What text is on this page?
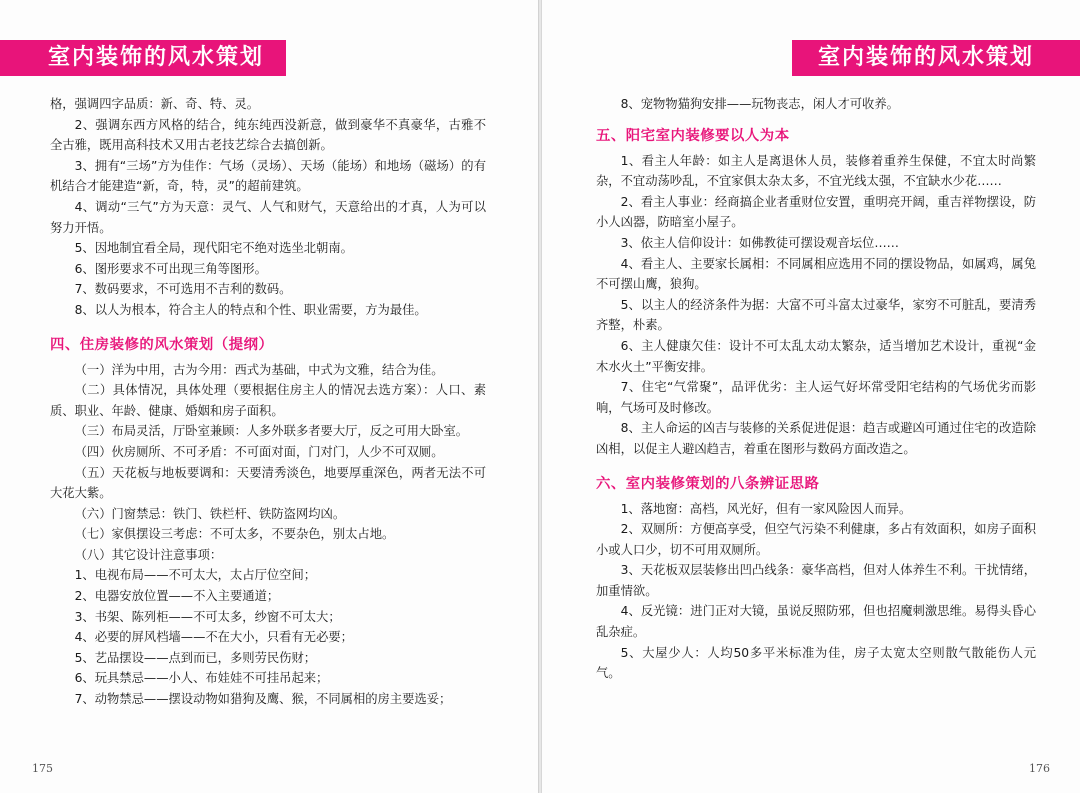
室内装饰的风水策划

格，强调四字品质：新、奇、特、灵。

2、强调东西方风格的结合，纯东纯西没新意，做到豪华不真豪华，古雅不全古雅，既用高科技术又用古老技艺综合去搞创新。

3、拥有“三场”方为佳作：气场（灵场）、天场（能场）和地场（磁场）的有机结合才能建造“新，奇，特，灵”的超前建筑。

4、调动“三气”方为天意：灵气、人气和财气，天意给出的才真，人为可以努力开悟。

5、因地制宜看全局，现代阳宅不绝对选坐北朝南。

6、图形要求不可出现三角等图形。

7、数码要求，不可选用不吉利的数码。

8、以人为根本，符合主人的特点和个性、职业需要，方为最佳。

四、住房装修的风水策划（提纲）

（一）洋为中用，古为今用：西式为基础，中式为文雅，结合为佳。

（二）具体情况，具体处理（要根据住房主人的情况去选方案）：人口、素质、职业、年龄、健康、婚姻和房子面积。

（三）布局灵活，厅卧室兼顾：人多外联多者要大厅，反之可用大卧室。

（四）伙房厕所、不可矛盾：不可面对面，门对门，人少不可双厕。

（五）天花板与地板要调和：天要清秀淡色，地要厚重深色，两者无法不可大花大紫。

（六）门窗禁忌：铁门、铁栏杆、铁防盗网均凶。

（七）家俱摆设三考虑：不可太多，不要杂色，别太占地。

（八）其它设计注意事项：

1、电视布局——不可太大，太占厅位空间；

2、电器安放位置——不入主要通道；

3、书架、陈列柜——不可太多，纱窗不可太大；

4、必要的屏风档墙——不在大小，只看有无必要；

5、艺品摆设——点到而已，多则劳民伤财；

6、玩具禁忌——小人、布娃娃不可挂吊起来；

7、动物禁忌——摆设动物如猎狗及鹰、猴，不同属相的房主要选妥；

175
室内装饰的风水策划

8、宠物物猫狗安排——玩物丧志，闲人才可收养。

五、阳宅室内装修要以人为本

1、看主人年龄：如主人是离退休人员，装修着重养生保健，不宜太时尚繁杂，不宜动荡吵乱，不宜家俱太杂太多，不宜光线太强，不宜缺水少花……

2、看主人事业：经商搞企业者重财位安置，重明亮开阔，重吉祥物摆设，防小人凶器，防暗室小屋子。

3、依主人信仰设计：如佛教徒可摆设观音坛位……

4、看主人、主要家长属相：不同属相应选用不同的摆设物品，如属鸡，属兔不可摆山鹰，狼狗。

5、以主人的经济条件为据：大富不可斗富太过豪华，家穷不可脏乱，要清秀齐整，朴素。

6、主人健康欠佳：设计不可太乱太动太繁杂，适当增加艺术设计，重视“金木水火土”平衡安排。

7、住宅“气常聚”，品评优劣：主人运气好坏常受阳宅结构的气场优劣而影响，气场可及时修改。

8、主人命运的凶吉与装修的关系促进促退：趋吉或避凶可通过住宅的改造除凶相，以促主人避凶趋吉，着重在图形与数码方面改造之。

六、室内装修策划的八条辨证思路

1、落地窗：高档，风光好，但有一家风险因人而异。

2、双厕所：方便高享受，但空气污染不利健康，多占有效面积，如房子面积小或人口少，切不可用双厕所。

3、天花板双层装修出凹凸线条：豪华高档，但对人体养生不利。干扰情绪，加重情欲。

4、反光镜：进门正对大镜，虽说反照防邪，但也招魔刺激思维。易得头昏心乱杂症。

5、大屋少人：人均50多平米标准为佳，房子太宽太空则散气散能伤人元气。

176
